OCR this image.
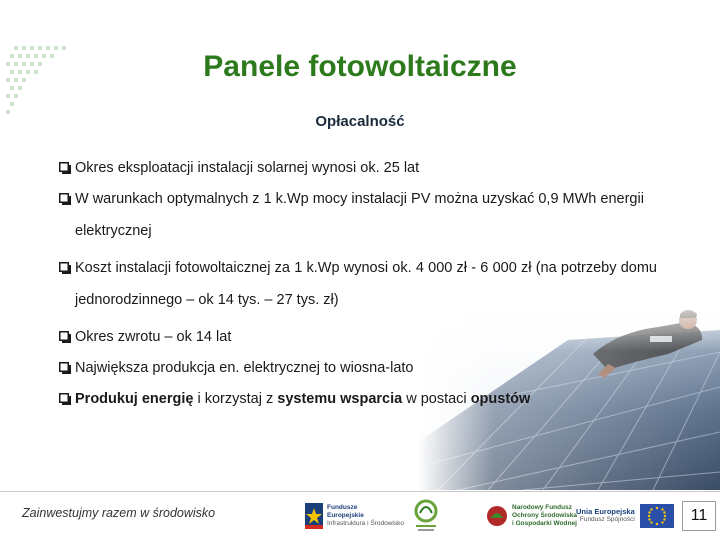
Panele fotowoltaiczne
Opłacalność
Okres eksploatacji instalacji solarnej wynosi ok. 25 lat
W warunkach optymalnych z 1 k.Wp mocy instalacji PV można uzyskać 0,9 MWh energii elektrycznej
Koszt instalacji fotowoltaicznej za 1 k.Wp wynosi ok. 4 000 zł - 6 000 zł (na potrzeby domu jednorodzinnego – ok 14 tys. – 27 tys. zł)
Okres zwrotu – ok 14 lat
Największa produkcja en. elektrycznej to wiosna-lato
Produkuj energię i korzystaj z systemu wsparcia w postaci opustów
Zainwestujmy razem w środowisko	Fundusze
Europejskie
Infrastruktura i Środowisko
Narodowy Fundusz
Ochrony Środowiska
i Gospodarki Wodnej
Unia Europejska
Fundusz Spójności	11
